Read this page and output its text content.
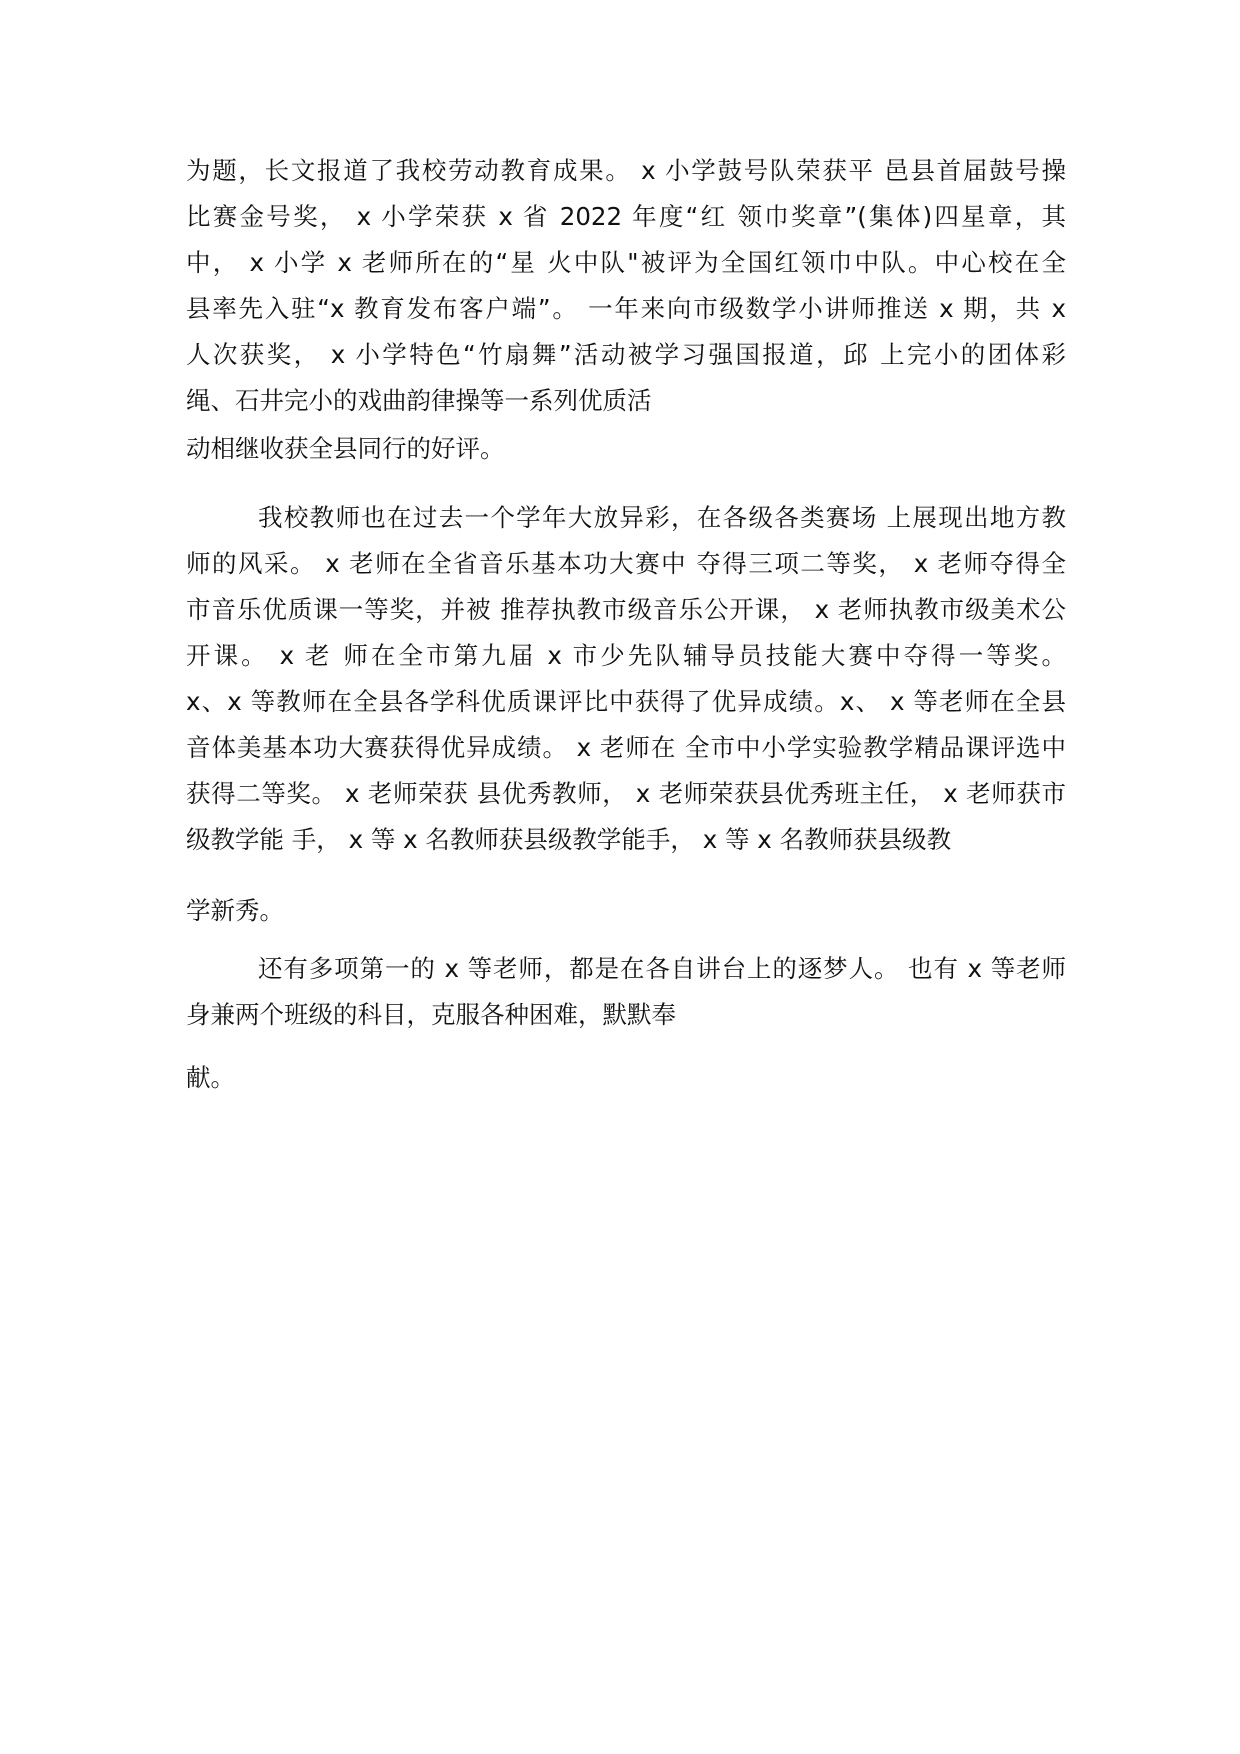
为题，长文报道了我校劳动教育成果。 x 小学鼓号队荣获平 邑县首届鼓号操
比赛金号奖， x 小学荣获 x 省 2022 年度“红 领巾奖章”(集体)四星章，其
中， x 小学 x 老师所在的“星 火中队"被评为全国红领巾中队。中心校在全
县率先入驻“x 教育发布客户端”。 一年来向市级数学小讲师推送 x 期，共 x
人次获奖， x 小学特色“竹扇舞”活动被学习强国报道，邱 上完小的团体彩
绳、石井完小的戏曲韵律操等一系列优质活
动相继收获全县同行的好评。
我校教师也在过去一个学年大放异彩，在各级各类赛场 上展现出地方教
师的风采。 x 老师在全省音乐基本功大赛中 夺得三项二等奖， x 老师夺得全
市音乐优质课一等奖，并被 推荐执教市级音乐公开课， x 老师执教市级美术公
开课。 x 老 师在全市第九届 x 市少先队辅导员技能大赛中夺得一等奖。
x、x 等教师在全县各学科优质课评比中获得了优异成绩。x、 x 等老师在全县
音体美基本功大赛获得优异成绩。 x 老师在 全市中小学实验教学精品课评选中
获得二等奖。 x 老师荣获 县优秀教师， x 老师荣获县优秀班主任， x 老师获市
级教学能 手， x 等 x 名教师获县级教学能手， x 等 x 名教师获县级教
学新秀。
还有多项第一的 x 等老师，都是在各自讲台上的逐梦人。 也有 x 等老师
身兼两个班级的科目，克服各种困难，默默奉
献。
